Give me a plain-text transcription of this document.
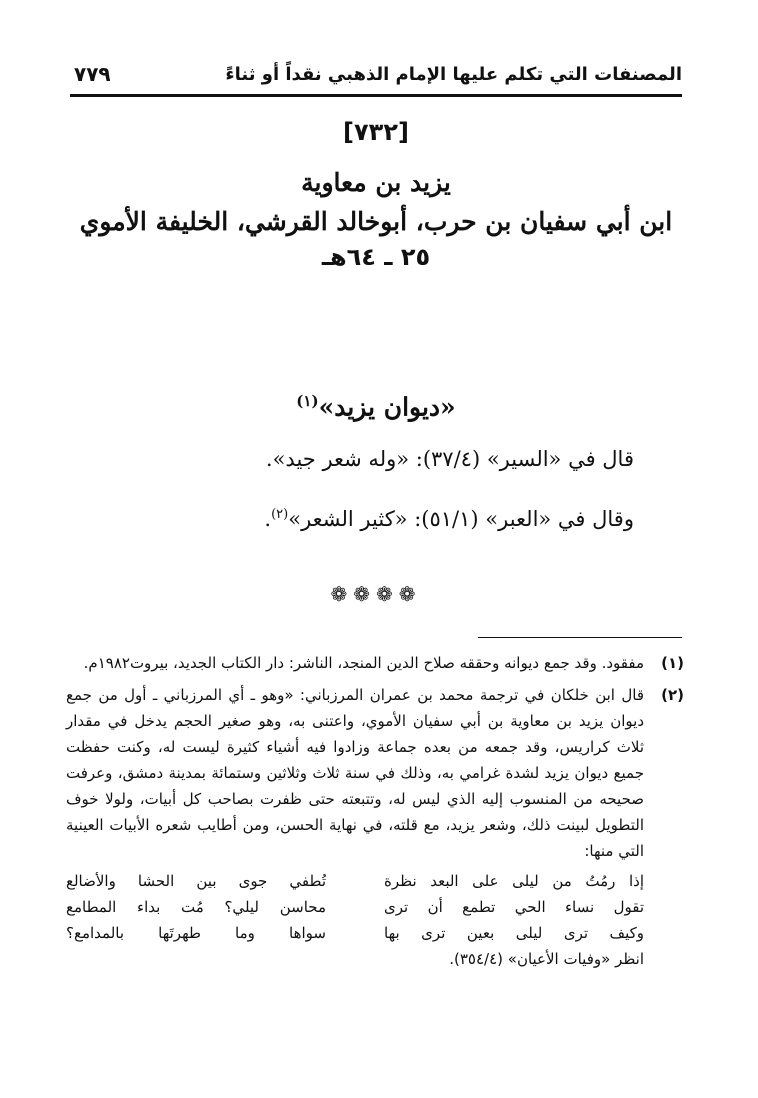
المصنفات التي تكلم عليها الإمام الذهبي نقداً أو ثناءً
٧٧٩
[٧٣٢]
يزيد بن معاوية
ابن أبي سفيان بن حرب، أبوخالد القرشي، الخليفة الأموي
٢٥ ـ ٦٤هـ
«ديوان يزيد»$^{(١)}$
قال في «السير» (٣٧/٤): «وله شعر جيد».
وقال في «العبر» (٥١/١): «كثير الشعر»$^{(٢)}$.
❁❁❁❁
(١)
مفقود. وقد جمع ديوانه وحققه صلاح الدين المنجد، الناشر: دار الكتاب الجديد، بيروت١٩٨٢م.
(٢)
قال ابن خلكان في ترجمة محمد بن عمران المرزباني: «وهو ـ أي المرزباني ـ أول من جمع ديوان يزيد بن معاوية بن أبي سفيان الأموي، واعتنى به، وهو صغير الحجم يدخل في مقدار ثلاث كراريس، وقد جمعه من بعده جماعة وزادوا فيه أشياء كثيرة ليست له، وكنت حفظت جميع ديوان يزيد لشدة غرامي به، وذلك في سنة ثلاث وثلاثين وستمائة بمدينة دمشق، وعرفت صحيحه من المنسوب إليه الذي ليس له، وتتبعته حتى ظفرت بصاحب كل أبيات، ولولا خوف التطويل لبينت ذلك، وشعر يزيد، مع قلته، في نهاية الحسن، ومن أطايب شعره الأبيات العينية التي منها:
إذا رمُتُ من ليلى على البعد نظرة
تقول نساء الحي تطمع أن ترى
وكيف ترى ليلى بعين ترى بها
تُطفي جوى بين الحشا والأضالع
محاسن ليلي؟ مُت بداء المطامع
سواها وما طهرتَها بالمدامع؟
انظر «وفيات الأعيان» (٣٥٤/٤).
